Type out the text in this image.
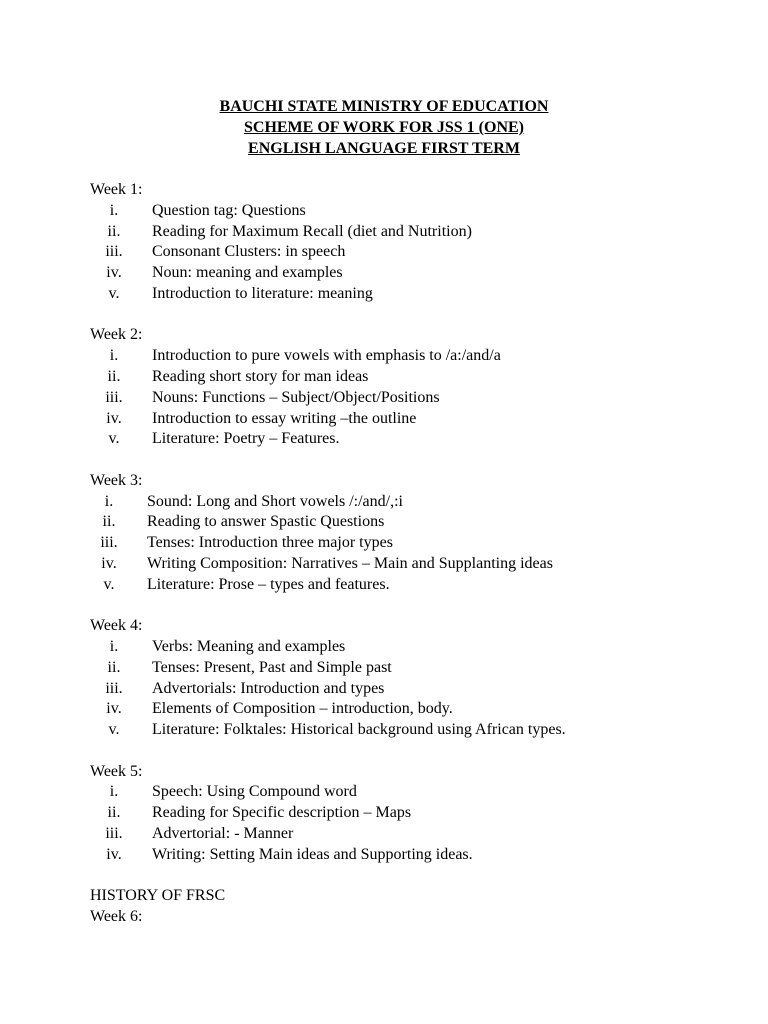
BAUCHI STATE MINISTRY OF EDUCATION
SCHEME OF WORK FOR JSS 1 (ONE)
ENGLISH LANGUAGE FIRST TERM
Week 1:
i.	Question tag: Questions
ii.	Reading for Maximum Recall (diet and Nutrition)
iii.	Consonant Clusters: in speech
iv.	Noun: meaning and examples
v.	Introduction to literature: meaning
Week 2:
i.	Introduction to pure vowels with emphasis to /a:/and/a
ii.	Reading short story for man ideas
iii.	Nouns: Functions – Subject/Object/Positions
iv.	Introduction to essay writing –the outline
v.	Literature: Poetry – Features.
Week 3:
i.	Sound: Long and Short vowels /:/and/,:i
ii.	Reading to answer Spastic Questions
iii.	Tenses: Introduction three major types
iv.	Writing Composition: Narratives – Main and Supplanting ideas
v.	Literature: Prose – types and features.
Week 4:
i.	Verbs: Meaning and examples
ii.	Tenses: Present, Past and Simple past
iii.	Advertorials: Introduction and types
iv.	Elements of Composition – introduction, body.
v.	Literature: Folktales: Historical background using African types.
Week 5:
i.	Speech: Using Compound word
ii.	Reading for Specific description – Maps
iii.	Advertorial: - Manner
iv.	Writing: Setting Main ideas and Supporting ideas.
HISTORY OF FRSC
Week 6:
